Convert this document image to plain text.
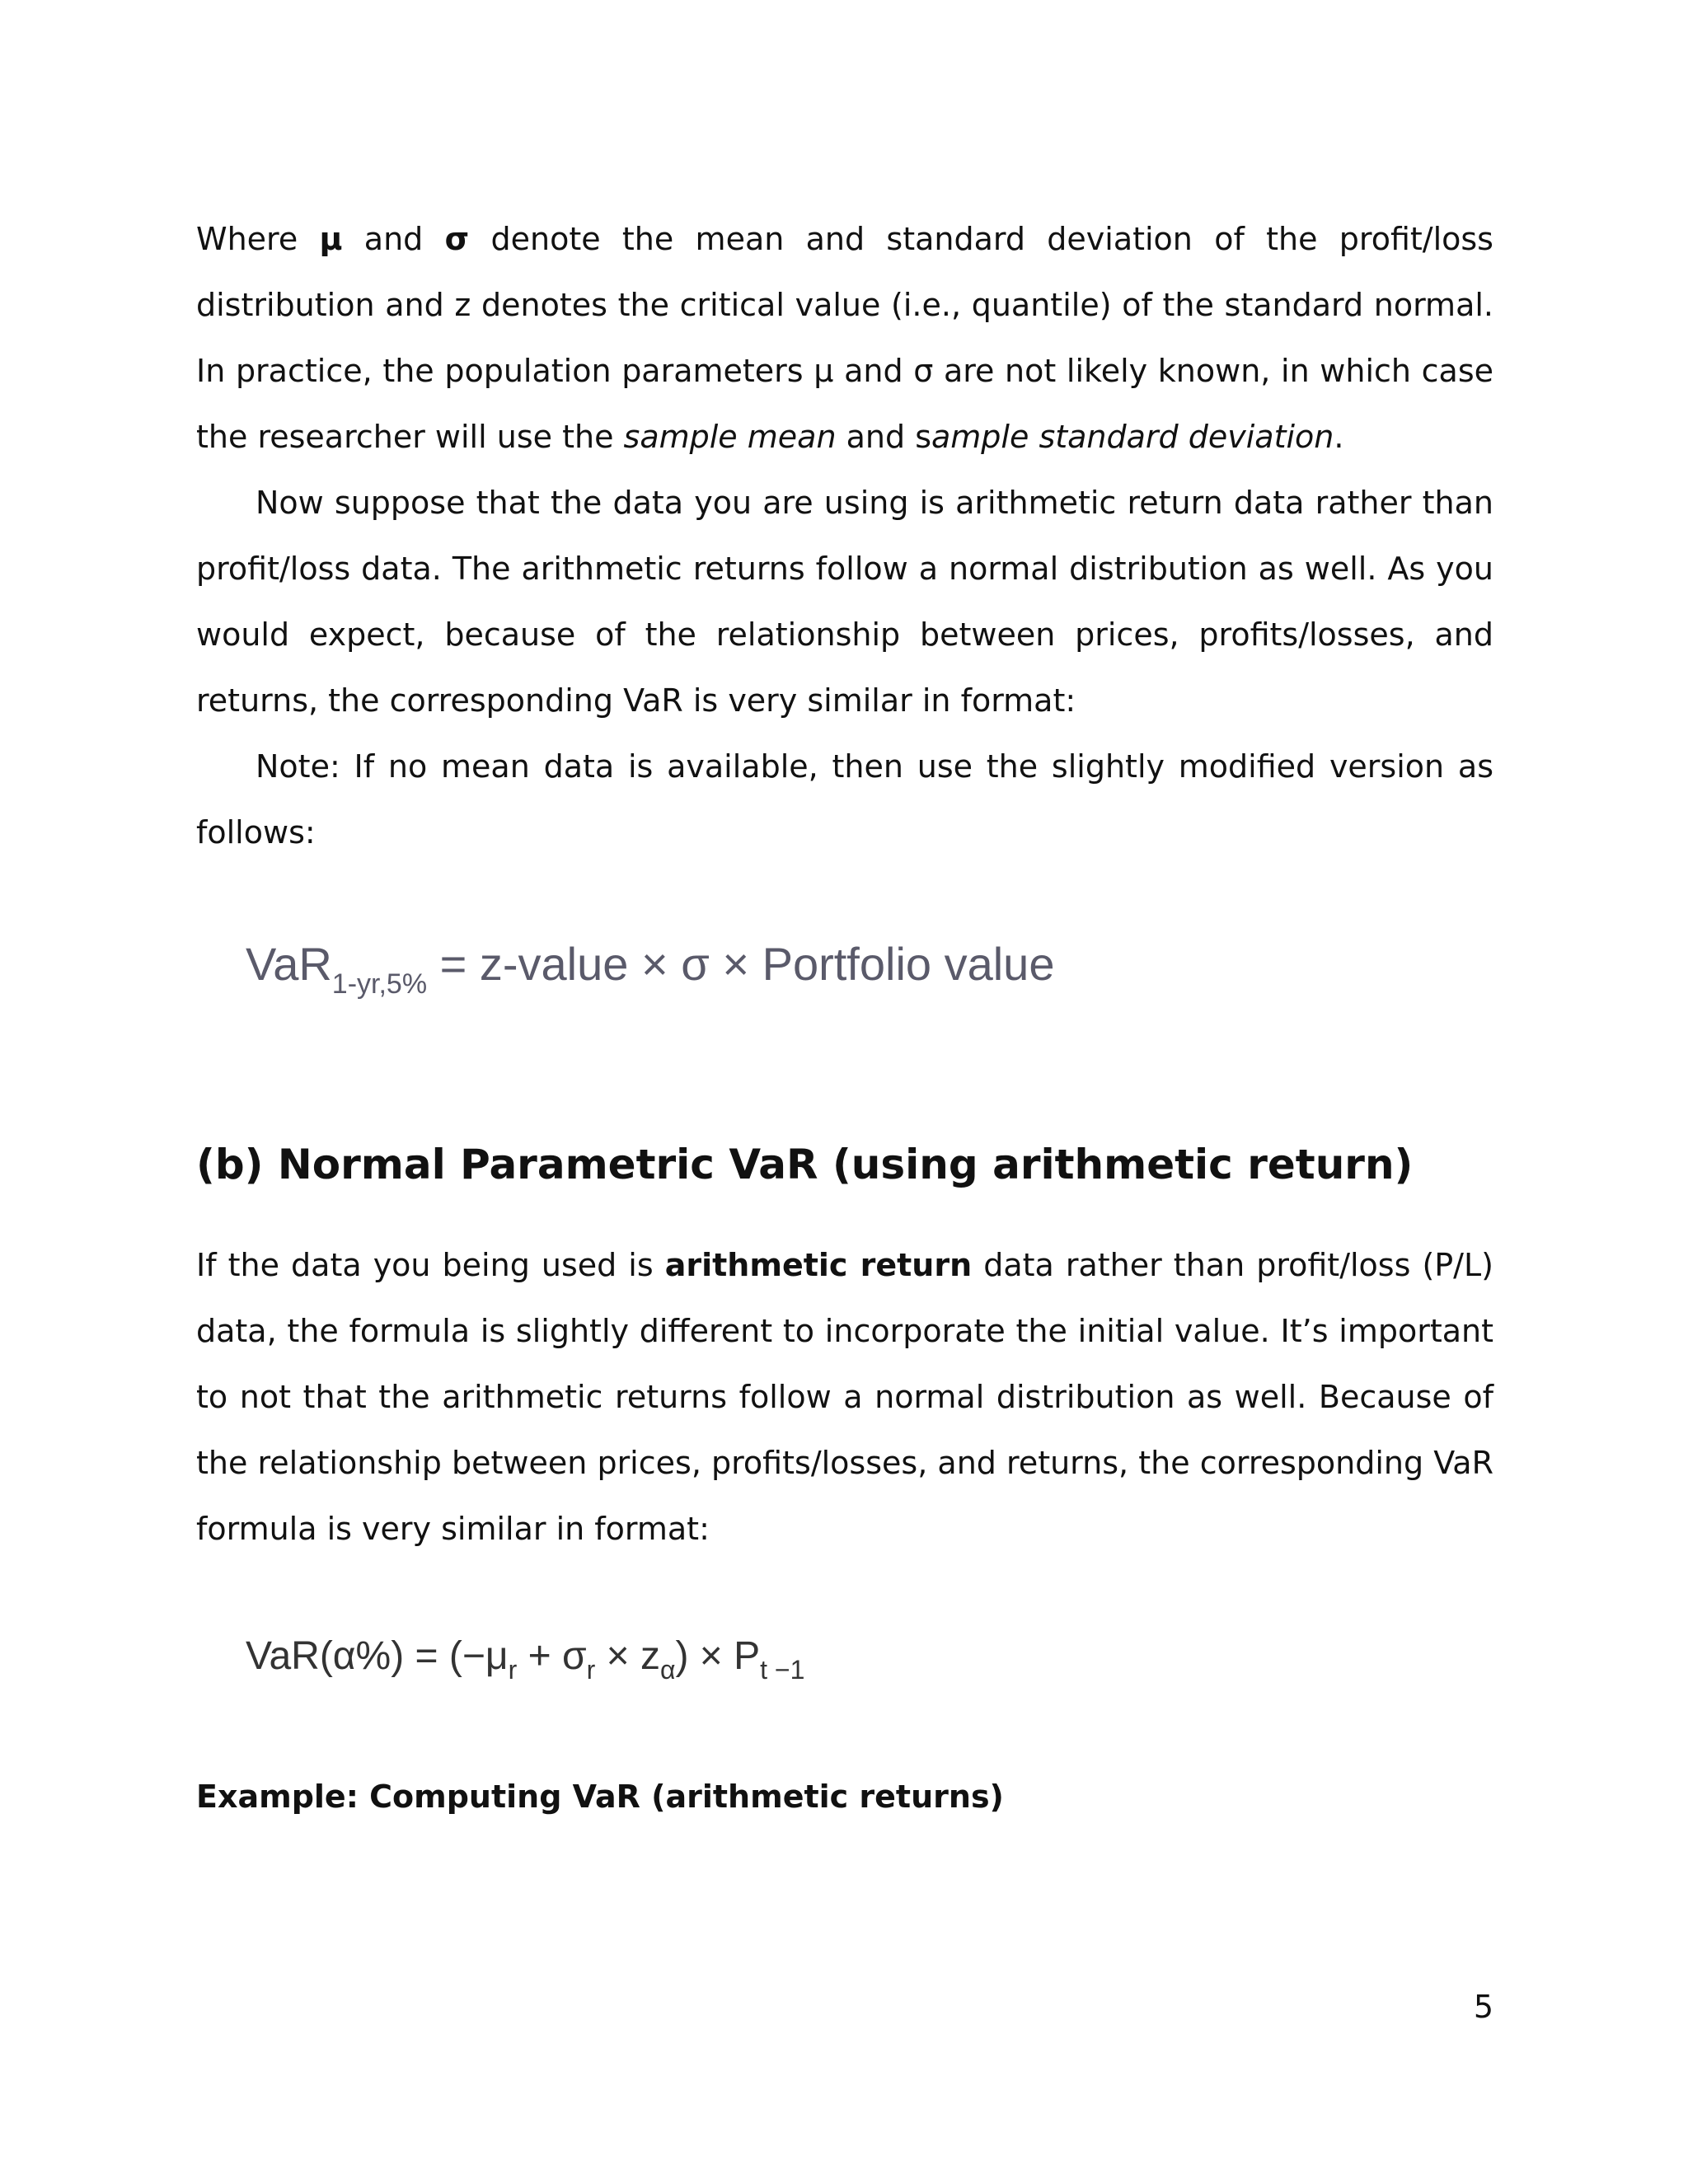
Where μ and σ denote the mean and standard deviation of the profit/loss distribution and z denotes the critical value (i.e., quantile) of the standard normal. In practice, the population parameters μ and σ are not likely known, in which case the researcher will use the sample mean and sample standard deviation.

Now suppose that the data you are using is arithmetic return data rather than profit/loss data. The arithmetic returns follow a normal distribution as well. As you would expect, because of the relationship between prices, profits/losses, and returns, the corresponding VaR is very similar in format:

Note: If no mean data is available, then use the slightly modified version as follows:

VaR$_{1-yr,5\%}$ = z-value × σ × Portfolio value
(b) Normal Parametric VaR (using arithmetic return)

If the data you being used is arithmetic return data rather than profit/loss (P/L) data, the formula is slightly different to incorporate the initial value. It’s important to not that the arithmetic returns follow a normal distribution as well. Because of the relationship between prices, profits/losses, and returns, the corresponding VaR formula is very similar in format:

$VaR(\alpha\%) = (-\mu_r + \sigma_r \times z_\alpha) \times P_{t -1}$
Example: Computing VaR (arithmetic returns)
5
